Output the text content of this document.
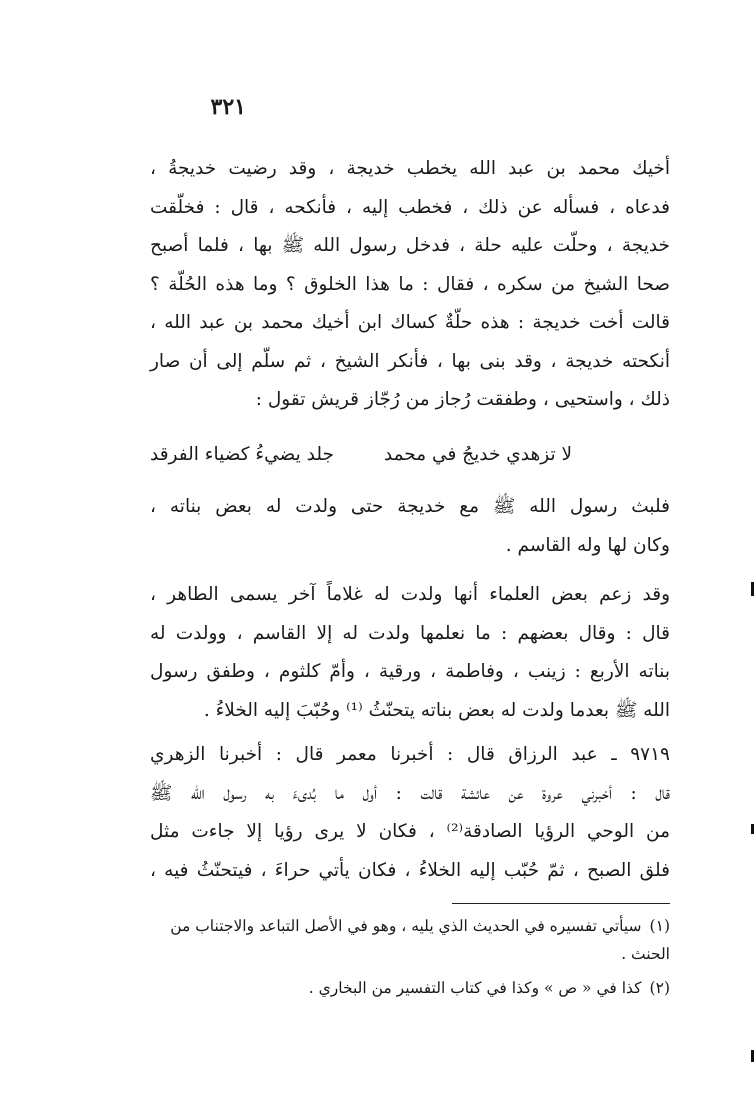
٣٢١
أخيك محمد بن عبد الله يخطب خديجة ، وقد رضيت خديجةُ ،
فدعاه ، فسأله عن ذلك ، فخطب إليه ، فأنكحه ، قال : فخلّقت
خديجة ، وحلّت عليه حلة ، فدخل رسول الله ﷺ بها ، فلما أصبح
صحا الشيخ من سكره ، فقال : ما هذا الخلوق ؟ وما هذه الحُلّة ؟
قالت أخت خديجة : هذه حلّةٌ كساك ابن أخيك محمد بن عبد الله ،
أنكحته خديجة ، وقد بنى بها ، فأنكر الشيخ ، ثم سلّم إلى أن صار
ذلك ، واستحيى ، وطفقت رُجاز من رُجّاز قريش تقول :
لا تزهدي خديجُ في محمد
جلد يضيءُ كضياء الفرقد
فلبث رسول الله ﷺ مع خديجة حتى ولدت له بعض بناته ،
وكان لها وله القاسم .
وقد زعم بعض العلماء أنها ولدت له غلاماً آخر يسمى الطاهر ،
قال : وقال بعضهم : ما نعلمها ولدت له إلا القاسم ، وولدت له
بناته الأربع : زينب ، وفاطمة ، ورقية ، وأمّ كلثوم ، وطفق رسول
الله ﷺ بعدما ولدت له بعض بناته يتحنّثُ ⁽¹⁾ وحُبّبَ إليه الخلاءُ .
٩٧١٩ ـ عبد الرزاق قال : أخبرنا معمر قال : أخبرنا الزهري
قال : أخبرني عروة عن عائشة قالت : أول ما بُدىءَ به رسول الله ﷺ
من الوحي الرؤيا الصادقة⁽²⁾ ، فكان لا يرى رؤيا إلا جاءت مثل
فلق الصبح ، ثمّ حُبّب إليه الخلاءُ ، فكان يأتي حراءَ ، فيتحنّثُ فيه ،
(١)سيأتي تفسيره في الحديث الذي يليه ، وهو في الأصل التباعد والاجتناب من
الحنث .
(٢)كذا في « ص » وكذا في كتاب التفسير من البخاري .
